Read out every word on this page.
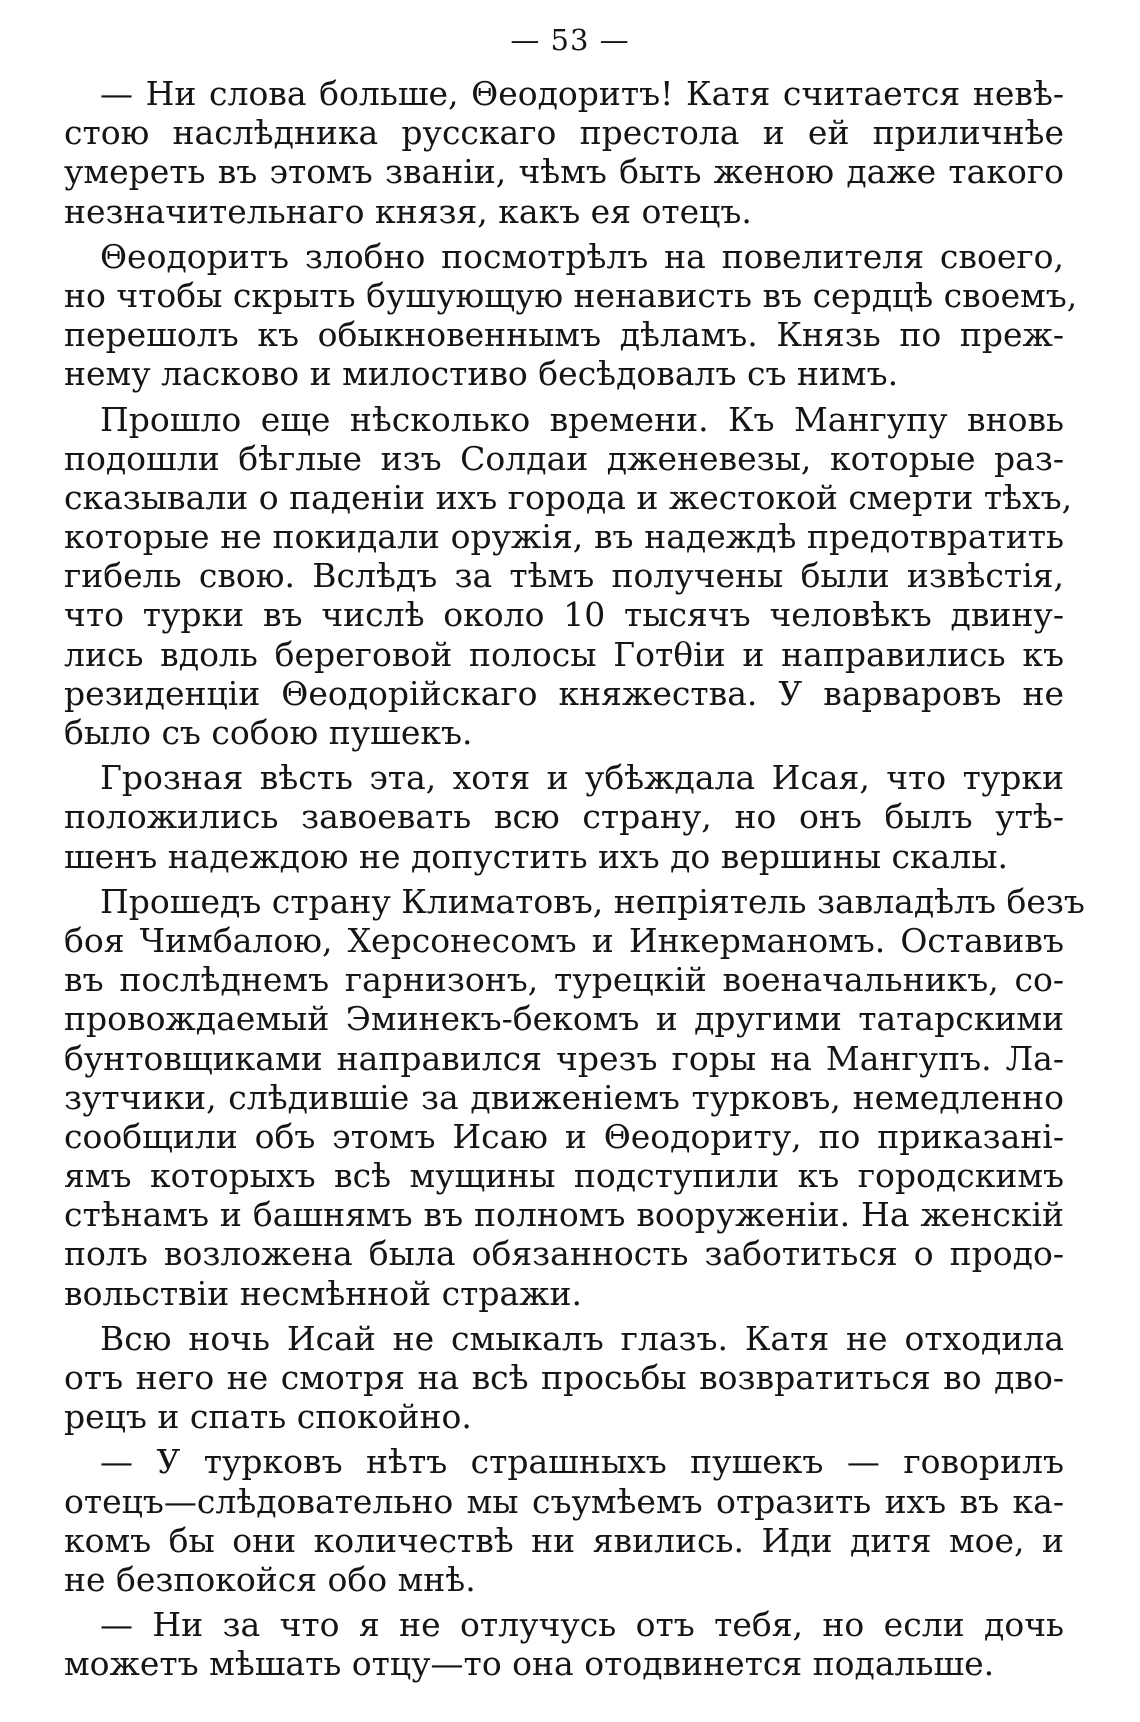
— 53 —
— Ни слова больше, Θеодоритъ! Катя считается невѣ-
стою наслѣдника русскаго престола и ей приличнѣе
умереть въ этомъ званiи, чѣмъ быть женою даже такого
незначительнаго князя, какъ ея отецъ.
Θеодоритъ злобно посмотрѣлъ на повелителя своего,
но чтобы скрыть бушующую ненависть въ сердцѣ своемъ,
перешолъ къ обыкновеннымъ дѣламъ. Князь по преж-
нему ласково и милостиво бесѣдовалъ съ нимъ.
Прошло еще нѣсколько времени. Къ Мангупу вновь
подошли бѣглые изъ Солдаи дженевезы, которые раз-
сказывали о паденiи ихъ города и жестокой смерти тѣхъ,
которые не покидали оружiя, въ надеждѣ предотвратить
гибель свою. Вслѣдъ за тѣмъ получены были извѣстiя,
что турки въ числѣ около 10 тысячъ человѣкъ двину-
лись вдоль береговой полосы Готθiи и направились къ
резиденцiи Θеодорiйскаго княжества. У варваровъ не
было съ собою пушекъ.
Грозная вѣсть эта, хотя и убѣждала Исая, что турки
положились завоевать всю страну, но онъ былъ утѣ-
шенъ надеждою не допустить ихъ до вершины скалы.
Прошедъ страну Климатовъ, непрiятель завладѣлъ безъ
боя Чимбалою, Херсонесомъ и Инкерманомъ. Оставивъ
въ послѣднемъ гарнизонъ, турецкiй военачальникъ, со-
провождаемый Эминекъ-бекомъ и другими татарскими
бунтовщиками направился чрезъ горы на Мангупъ. Ла-
зутчики, слѣдившiе за движенiемъ турковъ, немедленно
сообщили объ этомъ Исаю и Θеодориту, по приказанi-
ямъ которыхъ всѣ мущины подступили къ городскимъ
стѣнамъ и башнямъ въ полномъ вооруженiи. На женскiй
полъ возложена была обязанность заботиться о продо-
вольствiи несмѣнной стражи.
Всю ночь Исай не смыкалъ глазъ. Катя не отходила
отъ него не смотря на всѣ просьбы возвратиться во дво-
рецъ и спать спокойно.
— У турковъ нѣтъ страшныхъ пушекъ — говорилъ
отецъ—слѣдовательно мы съумѣемъ отразить ихъ въ ка-
комъ бы они количествѣ ни явились. Иди дитя мое, и
не безпокойся обо мнѣ.
— Ни за что я не отлучусь отъ тебя, но если дочь
можетъ мѣшать отцу—то она отодвинется подальше.
